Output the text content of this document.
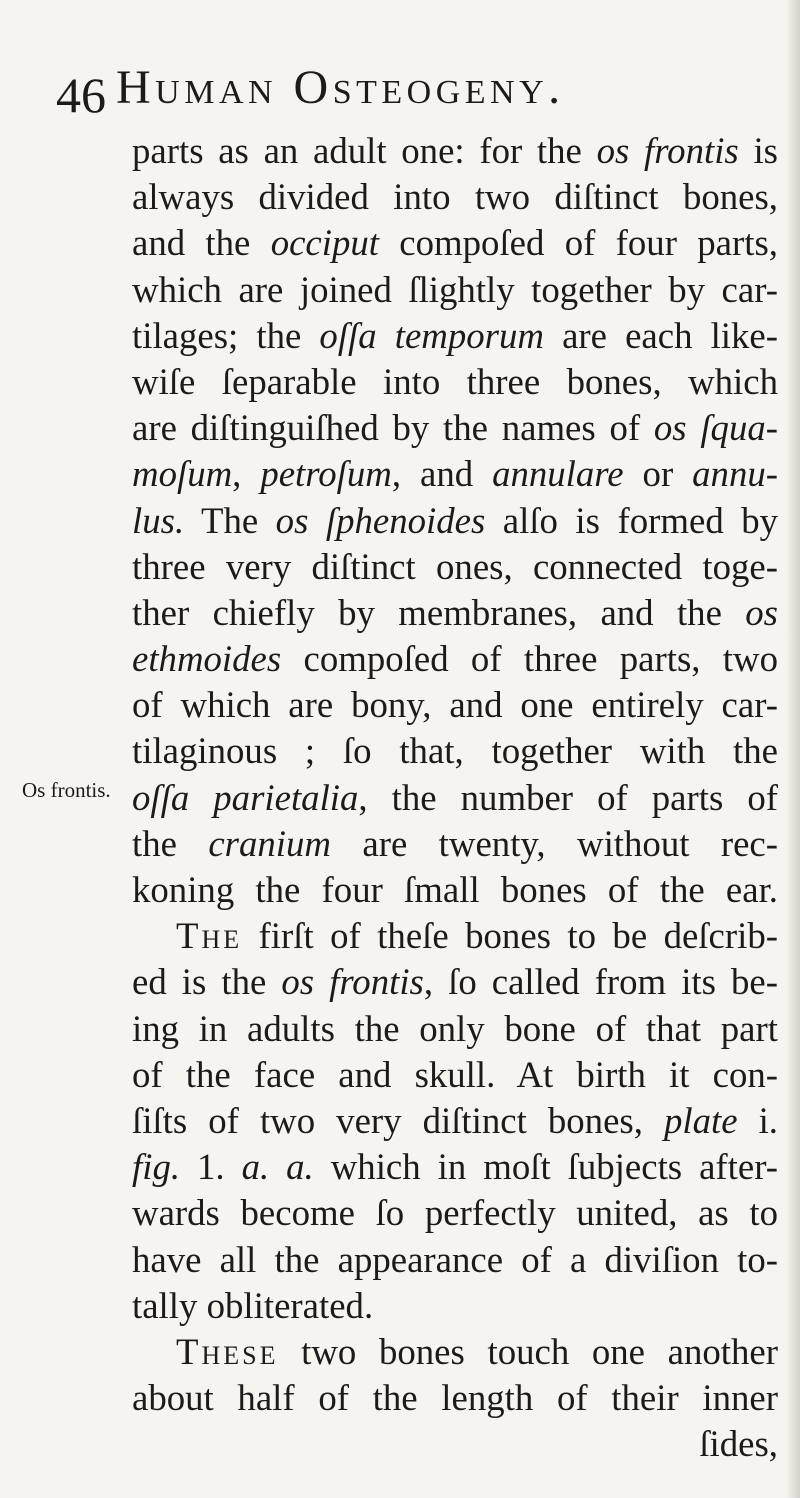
46 Human Osteogeny.
Os frontis.
parts as an adult one: for the os frontis is
always divided into two diſtinct bones,
and the occiput compoſed of four parts,
which are joined ſlightly together by car-
tilages; the oſſa temporum are each like-
wiſe ſeparable into three bones, which
are diſtinguiſhed by the names of os ſqua-
moſum, petroſum, and annulare or annu-
lus. The os ſphenoides alſo is formed by
three very diſtinct ones, connected toge-
ther chiefly by membranes, and the os
ethmoides compoſed of three parts, two
of which are bony, and one entirely car-
tilaginous ; ſo that, together with the
oſſa parietalia, the number of parts of
the cranium are twenty, without rec-
koning the four ſmall bones of the ear.
The firſt of theſe bones to be deſcrib-
ed is the os frontis, ſo called from its be-
ing in adults the only bone of that part
of the face and skull. At birth it con-
ſiſts of two very diſtinct bones, plate i.
fig. 1. a. a. which in moſt ſubjects after-
wards become ſo perfectly united, as to
have all the appearance of a diviſion to-
tally obliterated.
These two bones touch one another
about half of the length of their inner
ſides,
